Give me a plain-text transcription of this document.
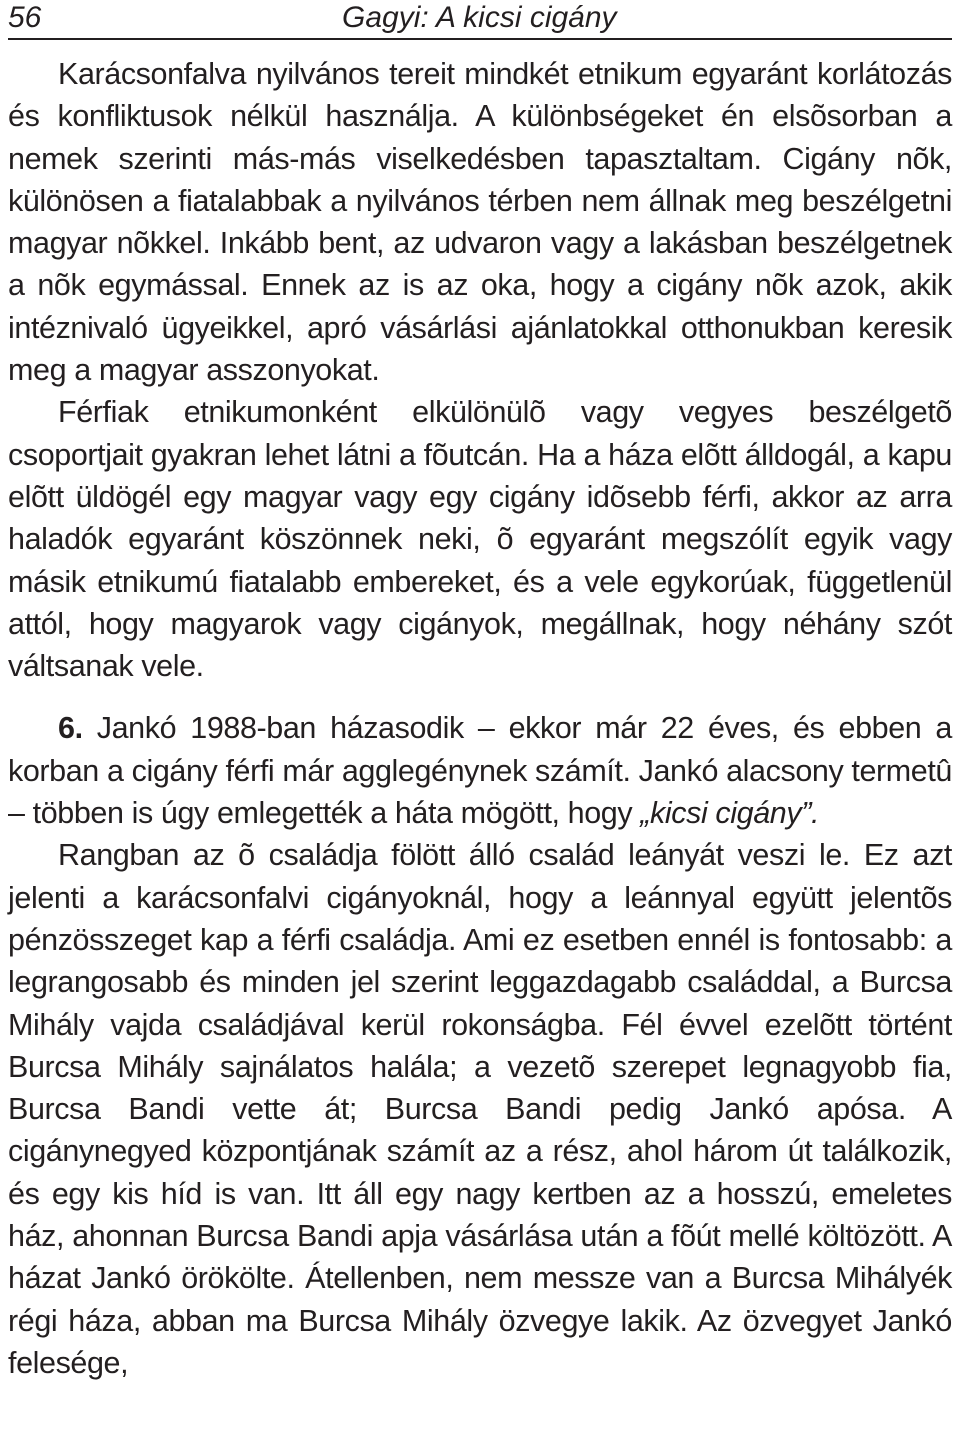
56	Gagyi: A kicsi cigány

Karácsonfalva nyilvános tereit mindkét etnikum egyaránt korlátozás és konfliktusok nélkül használja. A különbségeket én elsõsorban a nemek szerinti más-más viselkedésben tapasztaltam. Cigány nõk, különösen a fiatalabbak a nyilvános térben nem állnak meg beszélgetni magyar nõkkel. Inkább bent, az udvaron vagy a lakásban beszélgetnek a nõk egymással. Ennek az is az oka, hogy a cigány nõk azok, akik intéznivaló ügyeikkel, apró vásárlási ajánlatokkal otthonukban keresik meg a magyar asszonyokat.

Férfiak etnikumonként elkülönülõ vagy vegyes beszélgetõ csoportjait gyakran lehet látni a fõutcán. Ha a háza elõtt álldogál, a kapu elõtt üldögél egy magyar vagy egy cigány idõsebb férfi, akkor az arra haladók egyaránt köszönnek neki, õ egyaránt megszólít egyik vagy másik etnikumú fiatalabb embereket, és a vele egykorúak, függetlenül attól, hogy magyarok vagy cigányok, megállnak, hogy néhány szót váltsanak vele.

6. Jankó 1988-ban házasodik – ekkor már 22 éves, és ebben a korban a cigány férfi már agglegénynek számít. Jankó alacsony termetû – többen is úgy emlegették a háta mögött, hogy „kicsi cigány”.

Rangban az õ családja fölött álló család leányát veszi le. Ez azt jelenti a karácsonfalvi cigányoknál, hogy a leánnyal együtt jelentõs pénzösszeget kap a férfi családja. Ami ez esetben ennél is fontosabb: a legrangosabb és minden jel szerint leggazdagabb családdal, a Burcsa Mihály vajda családjával kerül rokonságba. Fél évvel ezelõtt történt Burcsa Mihály sajnálatos halála; a vezetõ szerepet legnagyobb fia, Burcsa Bandi vette át; Burcsa Bandi pedig Jankó apósa. A cigánynegyed központjának számít az a rész, ahol három út találkozik, és egy kis híd is van. Itt áll egy nagy kertben az a hosszú, emeletes ház, ahonnan Burcsa Bandi apja vásárlása után a fõút mellé költözött. A házat Jankó örökölte. Átellenben, nem messze van a Burcsa Mihályék régi háza, abban ma Burcsa Mihály özvegye lakik. Az özvegyet Jankó felesége,
